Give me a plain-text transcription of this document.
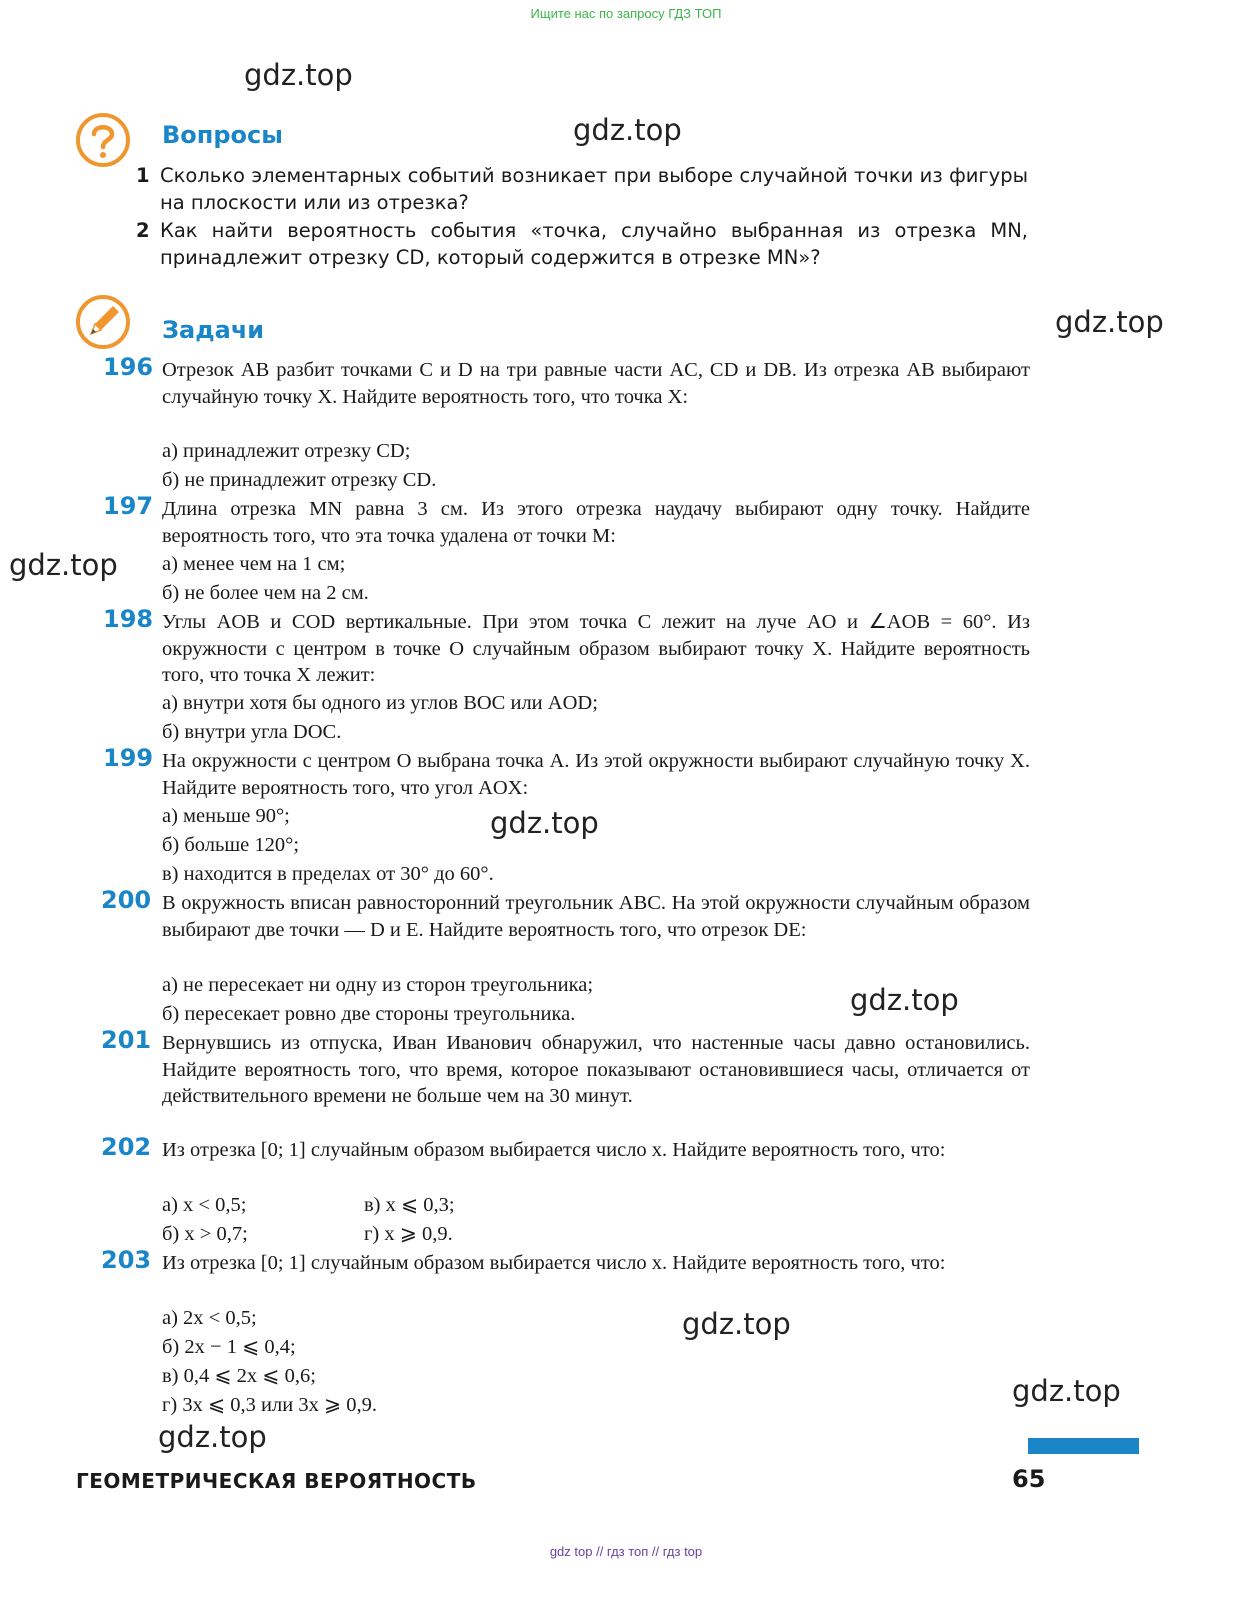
Ищите нас по запросу ГДЗ ТОП
gdz.top
gdz.top
gdz.top
gdz.top
gdz.top
gdz.top
gdz.top
gdz.top
gdz.top
Вопросы
1 Сколько элементарных событий возникает при выборе случайной точки из фигуры на плоскости или из отрезка?
2 Как найти вероятность события «точка, случайно выбранная из отрезка MN, принадлежит отрезку CD, который содержится в отрезке MN»?
Задачи
196 Отрезок AB разбит точками C и D на три равные части AC, CD и DB. Из отрезка AB выбирают случайную точку X. Найдите вероятность того, что точка X:
а) принадлежит отрезку CD;
б) не принадлежит отрезку CD.
197 Длина отрезка MN равна 3 см. Из этого отрезка наудачу выбирают одну точку. Найдите вероятность того, что эта точка удалена от точки M:
а) менее чем на 1 см;
б) не более чем на 2 см.
198 Углы AOB и COD вертикальные. При этом точка C лежит на луче AO и ∠AOB = 60°. Из окружности с центром в точке O случайным образом выбирают точку X. Найдите вероятность того, что точка X лежит:
а) внутри хотя бы одного из углов BOC или AOD;
б) внутри угла DOC.
199 На окружности с центром O выбрана точка A. Из этой окружности выбирают случайную точку X. Найдите вероятность того, что угол AOX:
а) меньше 90°;
б) больше 120°;
в) находится в пределах от 30° до 60°.
200 В окружность вписан равносторонний треугольник ABC. На этой окружности случайным образом выбирают две точки — D и E. Найдите вероятность того, что отрезок DE:
а) не пересекает ни одну из сторон треугольника;
б) пересекает ровно две стороны треугольника.
201 Вернувшись из отпуска, Иван Иванович обнаружил, что настенные часы давно остановились. Найдите вероятность того, что время, которое показывают остановившиеся часы, отличается от действительного времени не больше чем на 30 минут.
202 Из отрезка [0; 1] случайным образом выбирается число x. Найдите вероятность того, что:
а) x < 0,5;	в) x ⩽ 0,3;
б) x > 0,7;	г) x ⩾ 0,9.
203 Из отрезка [0; 1] случайным образом выбирается число x. Найдите вероятность того, что:
а) 2x < 0,5;
б) 2x − 1 ⩽ 0,4;
в) 0,4 ⩽ 2x ⩽ 0,6;
г) 3x ⩽ 0,3 или 3x ⩾ 0,9.
ГЕОМЕТРИЧЕСКАЯ ВЕРОЯТНОСТЬ	65
gdz top // гдз топ // гдз top
